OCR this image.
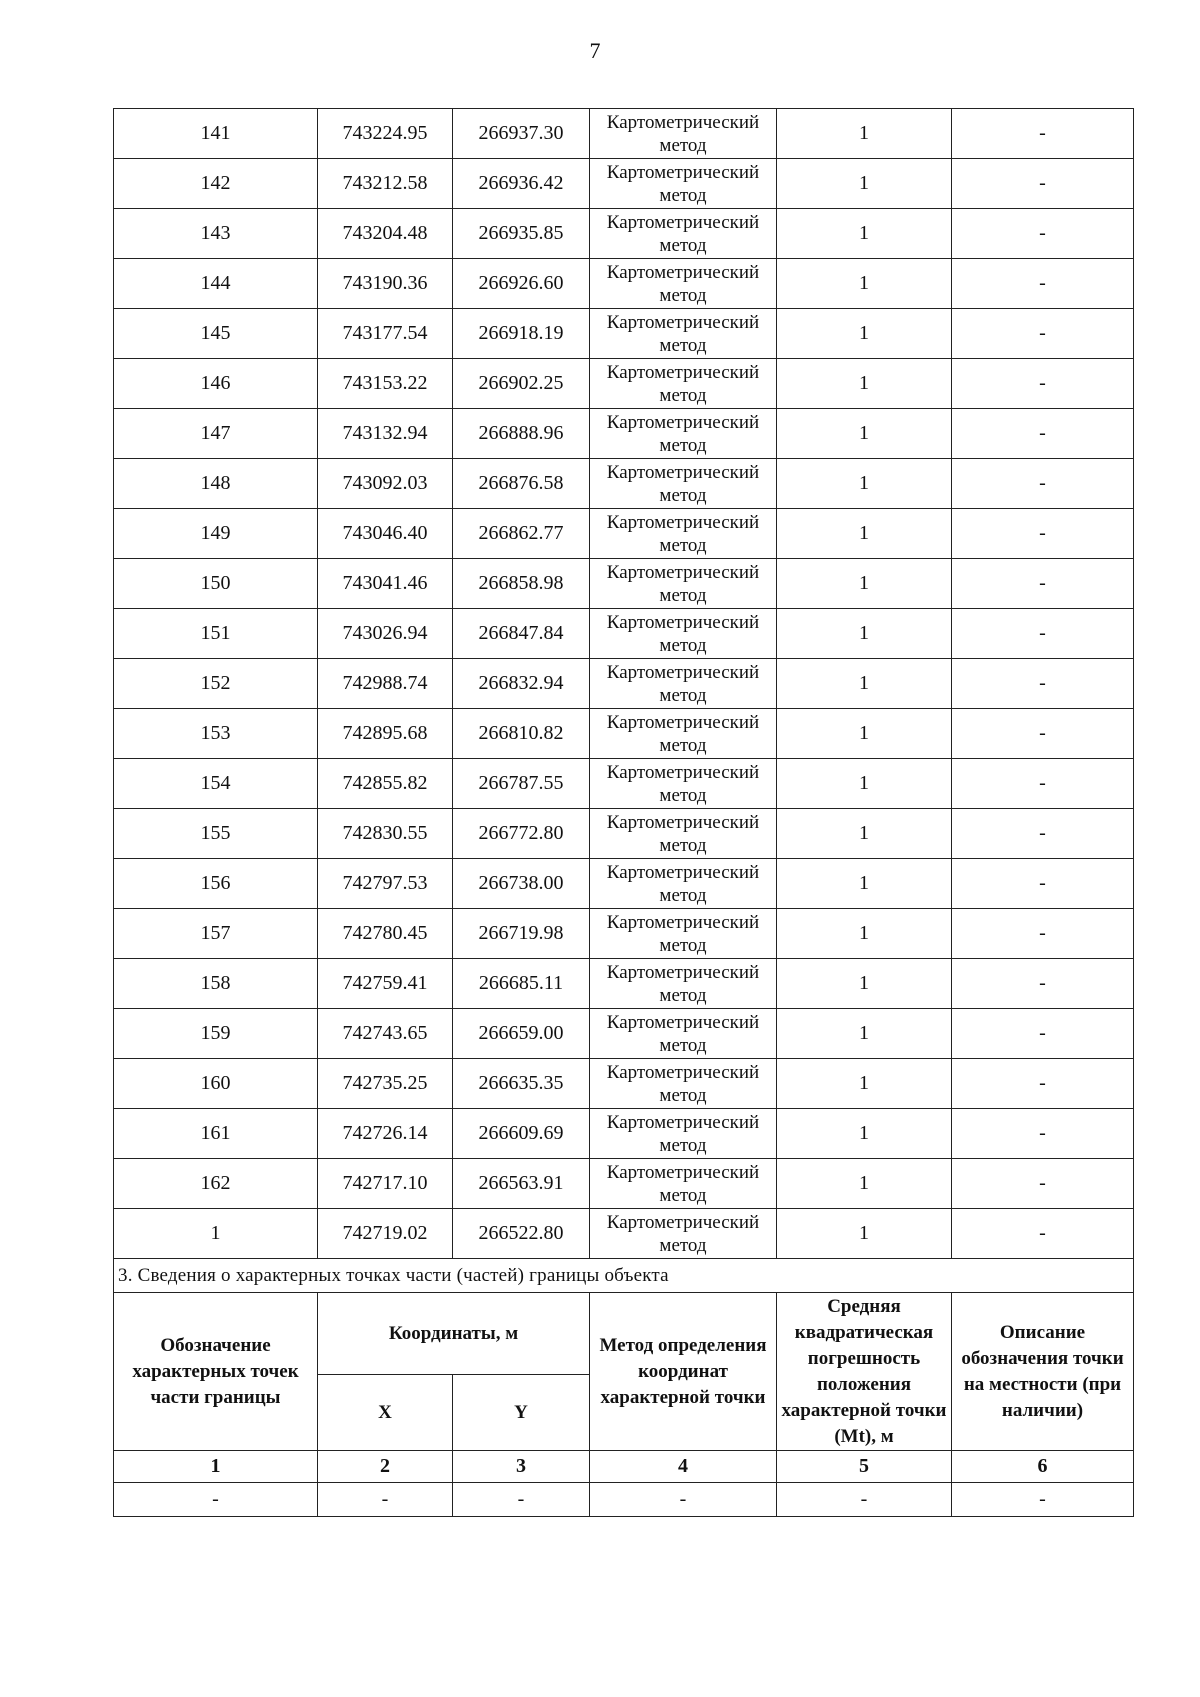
7
141	743224.95	266937.30	Картометрический метод	1	-
142	743212.58	266936.42	Картометрический метод	1	-
143	743204.48	266935.85	Картометрический метод	1	-
144	743190.36	266926.60	Картометрический метод	1	-
145	743177.54	266918.19	Картометрический метод	1	-
146	743153.22	266902.25	Картометрический метод	1	-
147	743132.94	266888.96	Картометрический метод	1	-
148	743092.03	266876.58	Картометрический метод	1	-
149	743046.40	266862.77	Картометрический метод	1	-
150	743041.46	266858.98	Картометрический метод	1	-
151	743026.94	266847.84	Картометрический метод	1	-
152	742988.74	266832.94	Картометрический метод	1	-
153	742895.68	266810.82	Картометрический метод	1	-
154	742855.82	266787.55	Картометрический метод	1	-
155	742830.55	266772.80	Картометрический метод	1	-
156	742797.53	266738.00	Картометрический метод	1	-
157	742780.45	266719.98	Картометрический метод	1	-
158	742759.41	266685.11	Картометрический метод	1	-
159	742743.65	266659.00	Картометрический метод	1	-
160	742735.25	266635.35	Картометрический метод	1	-
161	742726.14	266609.69	Картометрический метод	1	-
162	742717.10	266563.91	Картометрический метод	1	-
1	742719.02	266522.80	Картометрический метод	1	-
3. Сведения о характерных точках части (частей) границы объекта					
Обозначение характерных точек части границы	Координаты, м		Метод определения координат характерной точки	Средняя квадратическая погрешность положения характерной точки (Mt), м	Описание обозначения точки на местности (при наличии)
	X	Y			
1	2	3	4	5	6
-	-	-	-	-	-
